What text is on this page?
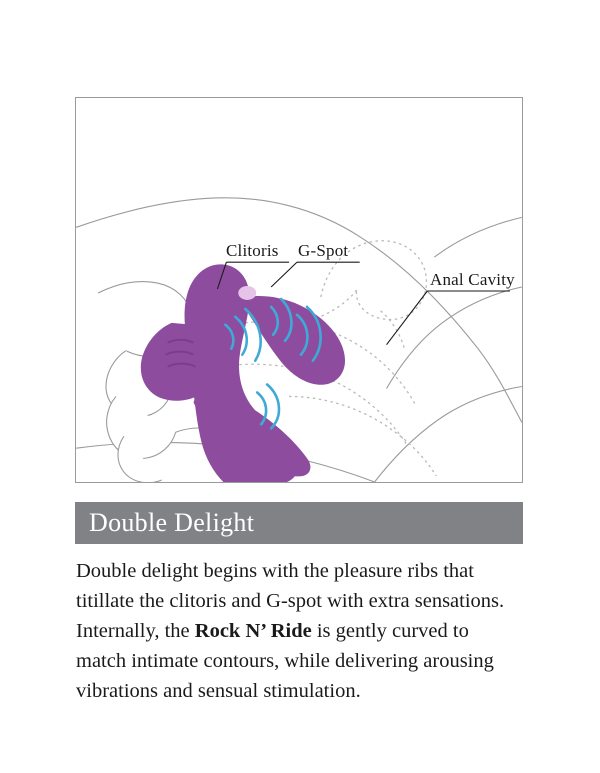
Clitoris G-Spot
Anal Cavity
Double Delight

Double delight begins with the pleasure ribs that

titillate the clitoris and G-spot with extra sensations.

Internally, the Rock N’ Ride is gently curved to

match intimate contours, while delivering arousing

vibrations and sensual stimulation.
